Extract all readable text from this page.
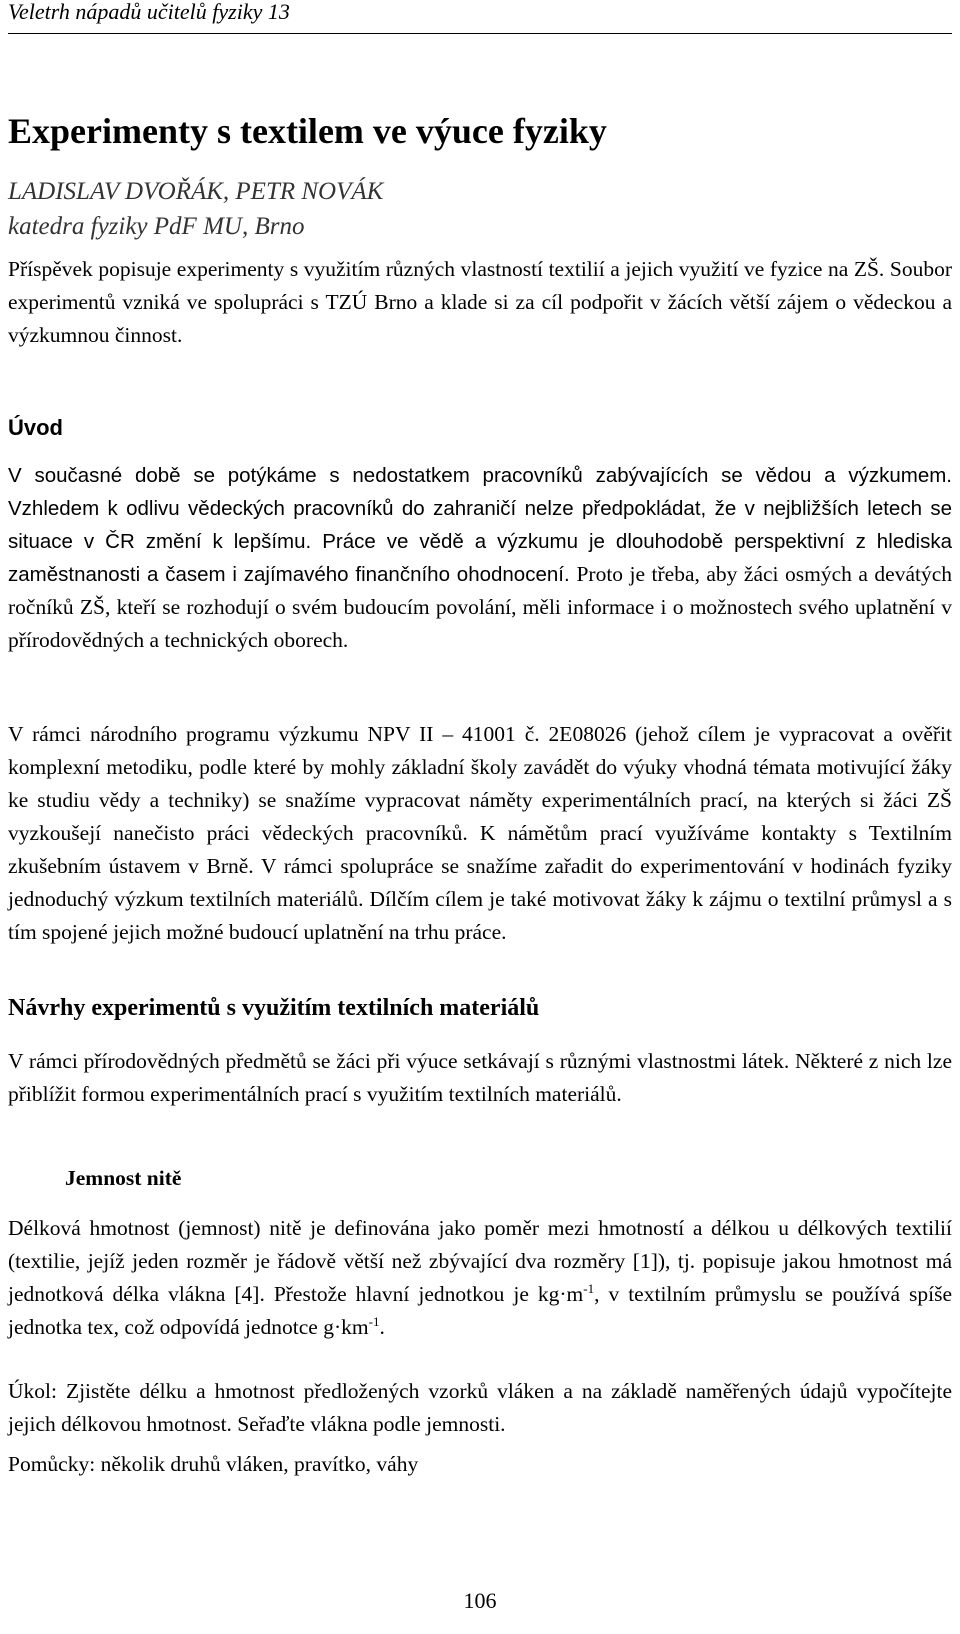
Veletrh nápadů učitelů fyziky 13
Experimenty s textilem ve výuce fyziky
LADISLAV DVOŘÁK, PETR NOVÁK
katedra fyziky PdF MU, Brno

Příspěvek popisuje experimenty s využitím různých vlastností textilií a jejich využití ve fyzice na ZŠ. Soubor experimentů vzniká ve spolupráci s TZÚ Brno a klade si za cíl podpořit v žácích větší zájem o vědeckou a výzkumnou činnost.

Úvod

V současné době se potýkáme s nedostatkem pracovníků zabývajících se vědou a výzkumem. Vzhledem k odlivu vědeckých pracovníků do zahraničí nelze předpokládat, že v nejbližších letech se situace v ČR změní k lepšímu. Práce ve vědě a výzkumu je dlouhodobě perspektivní z hlediska zaměstnanosti a časem i zajímavého finančního ohodnocení. Proto je třeba, aby žáci osmých a devátých ročníků ZŠ, kteří se rozhodují o svém budoucím povolání, měli informace i o možnostech svého uplatnění v přírodovědných a technických oborech.

V rámci národního programu výzkumu NPV II – 41001 č. 2E08026 (jehož cílem je vypracovat a ověřit komplexní metodiku, podle které by mohly základní školy zavádět do výuky vhodná témata motivující žáky ke studiu vědy a techniky) se snažíme vypracovat náměty experimentálních prací, na kterých si žáci ZŠ vyzkoušejí nanečisto práci vědeckých pracovníků. K námětům prací využíváme kontakty s Textilním zkušebním ústavem v Brně. V rámci spolupráce se snažíme zařadit do experimentování v hodinách fyziky jednoduchý výzkum textilních materiálů. Dílčím cílem je také motivovat žáky k zájmu o textilní průmysl a s tím spojené jejich možné budoucí uplatnění na trhu práce.

Návrhy experimentů s využitím textilních materiálů

V rámci přírodovědných předmětů se žáci při výuce setkávají s různými vlastnostmi látek. Některé z nich lze přiblížit formou experimentálních prací s využitím textilních materiálů.

Jemnost nitě

Délková hmotnost (jemnost) nitě je definována jako poměr mezi hmotností a délkou u délkových textilií (textilie, jejíž jeden rozměr je řádově větší než zbývající dva rozměry [1]), tj. popisuje jakou hmotnost má jednotková délka vlákna [4]. Přestože hlavní jednotkou je $kg\cdot m^{-1}$, v textilním průmyslu se používá spíše jednotka tex, což odpovídá jednotce $g\cdot km^{-1}$.

Úkol: Zjistěte délku a hmotnost předložených vzorků vláken a na základě naměřených údajů vypočítejte jejich délkovou hmotnost. Seřaďte vlákna podle jemnosti.

Pomůcky: několik druhů vláken, pravítko, váhy

106
